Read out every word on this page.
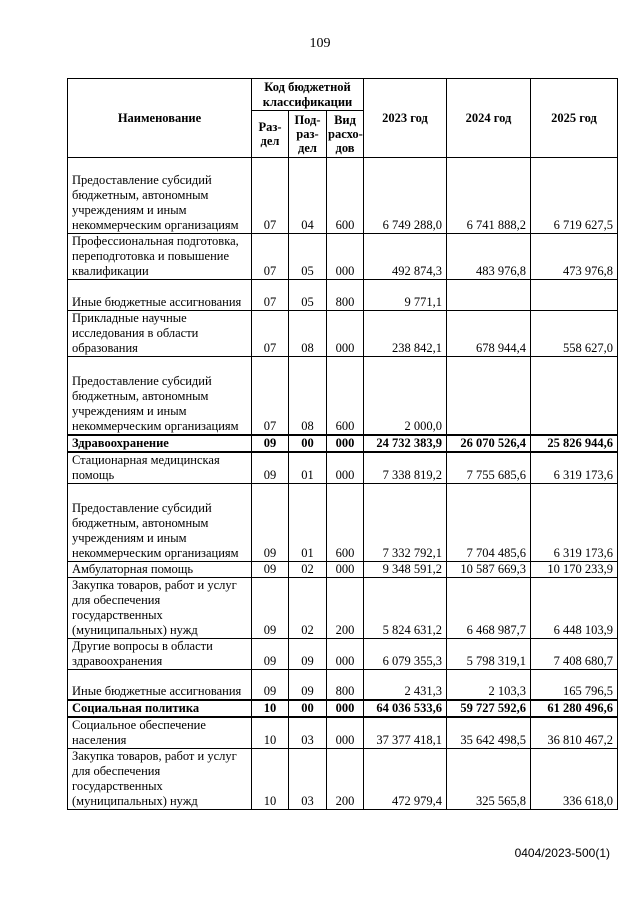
109
Наименование	Код бюджетной классификации			2023 год	2024 год	2025 год
	Раз-дел	Под-раз-дел	Вид расхо-дов			
Предоставление субсидий бюджетным, автономным учреждениям и иным некоммерческим организациям	07	04	600	6 749 288,0	6 741 888,2	6 719 627,5
Профессиональная подготовка, переподготовка и повышение квалификации	07	05	000	492 874,3	483 976,8	473 976,8
Иные бюджетные ассигнования	07	05	800	9 771,1		
Прикладные научные исследования в области образования	07	08	000	238 842,1	678 944,4	558 627,0
Предоставление субсидий бюджетным, автономным учреждениям и иным некоммерческим организациям	07	08	600	2 000,0		
Здравоохранение	09	00	000	24 732 383,9	26 070 526,4	25 826 944,6
Стационарная медицинская помощь	09	01	000	7 338 819,2	7 755 685,6	6 319 173,6
Предоставление субсидий бюджетным, автономным учреждениям и иным некоммерческим организациям	09	01	600	7 332 792,1	7 704 485,6	6 319 173,6
Амбулаторная помощь	09	02	000	9 348 591,2	10 587 669,3	10 170 233,9
Закупка товаров, работ и услуг для обеспечения государственных (муниципальных) нужд	09	02	200	5 824 631,2	6 468 987,7	6 448 103,9
Другие вопросы в области здравоохранения	09	09	000	6 079 355,3	5 798 319,1	7 408 680,7
Иные бюджетные ассигнования	09	09	800	2 431,3	2 103,3	165 796,5
Социальная политика	10	00	000	64 036 533,6	59 727 592,6	61 280 496,6
Социальное обеспечение населения	10	03	000	37 377 418,1	35 642 498,5	36 810 467,2
Закупка товаров, работ и услуг для обеспечения государственных (муниципальных) нужд	10	03	200	472 979,4	325 565,8	336 618,0
0404/2023-500(1)
